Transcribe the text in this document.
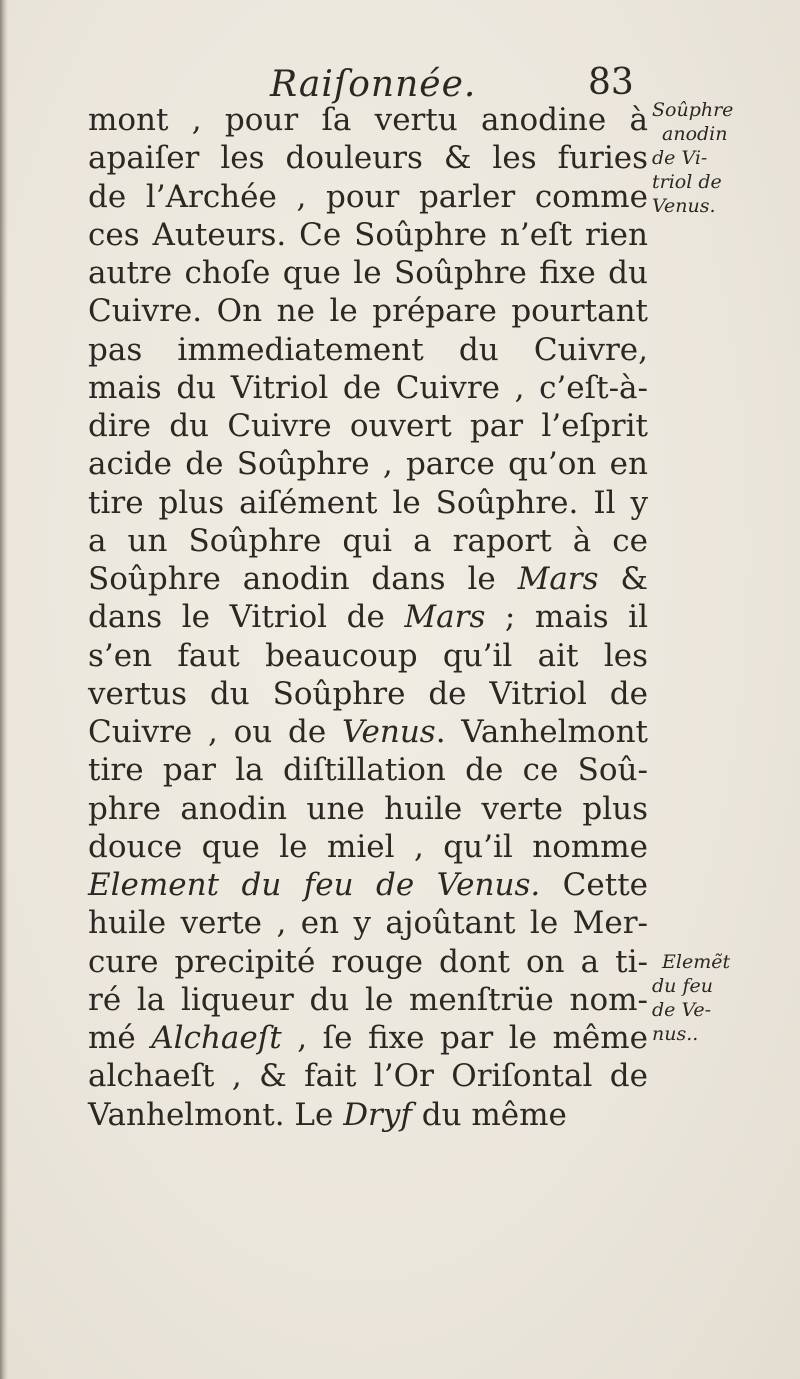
Raiſonnée.	83
mont , pour ſa vertu anodine à
apaiſer les douleurs & les furies
de l’Archée , pour parler comme
ces Auteurs. Ce Soûphre n’eſt rien
autre choſe que le Soûphre fixe du
Cuivre. On ne le prépare pourtant
pas immediatement du Cuivre,
mais du Vitriol de Cuivre , c’eſt-à-
dire du Cuivre ouvert par l’eſprit
acide de Soûphre , parce qu’on en
tire plus aiſément le Soûphre. Il y
a un Soûphre qui a raport à ce
Soûphre anodin dans le Mars &
dans le Vitriol de Mars ; mais il
s’en faut beaucoup qu’il ait les
vertus du Soûphre de Vitriol de
Cuivre , ou de Venus. Vanhelmont
tire par la diſtillation de ce Soû-
phre anodin une huile verte plus
douce que le miel , qu’il nomme
Element du feu de Venus. Cette
huile verte , en y ajoûtant le Mer-
cure precipité rouge dont on a ti-
ré la liqueur du le menſtrüe nom-
mé Alchaeſt , ſe fixe par le même
alchaeſt , & fait l’Or Oriſontal de
Vanhelmont. Le Dryf du même
Soûphre
anodin
de Vi-
triol de
Venus.
Elemẽt
du feu
de Ve-
nus..
